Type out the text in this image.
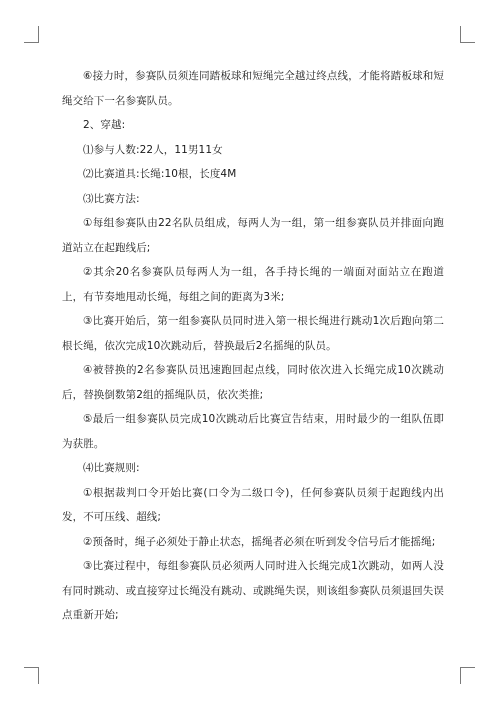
⑥接力时，参赛队员须连同踏板球和短绳完全越过终点线，才能将踏板球和短绳交给下一名参赛队员。

2、穿越:

⑴参与人数:22人，11男11女

⑵比赛道具:长绳:10根，长度4M

⑶比赛方法:

①每组参赛队由22名队员组成，每两人为一组，第一组参赛队员并排面向跑道站立在起跑线后;

②其余20名参赛队员每两人为一组，各手持长绳的一端面对面站立在跑道上，有节奏地甩动长绳，每组之间的距离为3米;

③比赛开始后，第一组参赛队员同时进入第一根长绳进行跳动1次后跑向第二根长绳，依次完成10次跳动后，替换最后2名摇绳的队员。

④被替换的2名参赛队员迅速跑回起点线，同时依次进入长绳完成10次跳动后，替换倒数第2组的摇绳队员，依次类推;

⑤最后一组参赛队员完成10次跳动后比赛宣告结束，用时最少的一组队伍即为获胜。

⑷比赛规则:

①根据裁判口令开始比赛(口令为二级口令)，任何参赛队员须于起跑线内出发，不可压线、超线;

②预备时，绳子必须处于静止状态，摇绳者必须在听到发令信号后才能摇绳;

③比赛过程中，每组参赛队员必须两人同时进入长绳完成1次跳动，如两人没有同时跳动、或直接穿过长绳没有跳动、或跳绳失误，则该组参赛队员须退回失误点重新开始;
